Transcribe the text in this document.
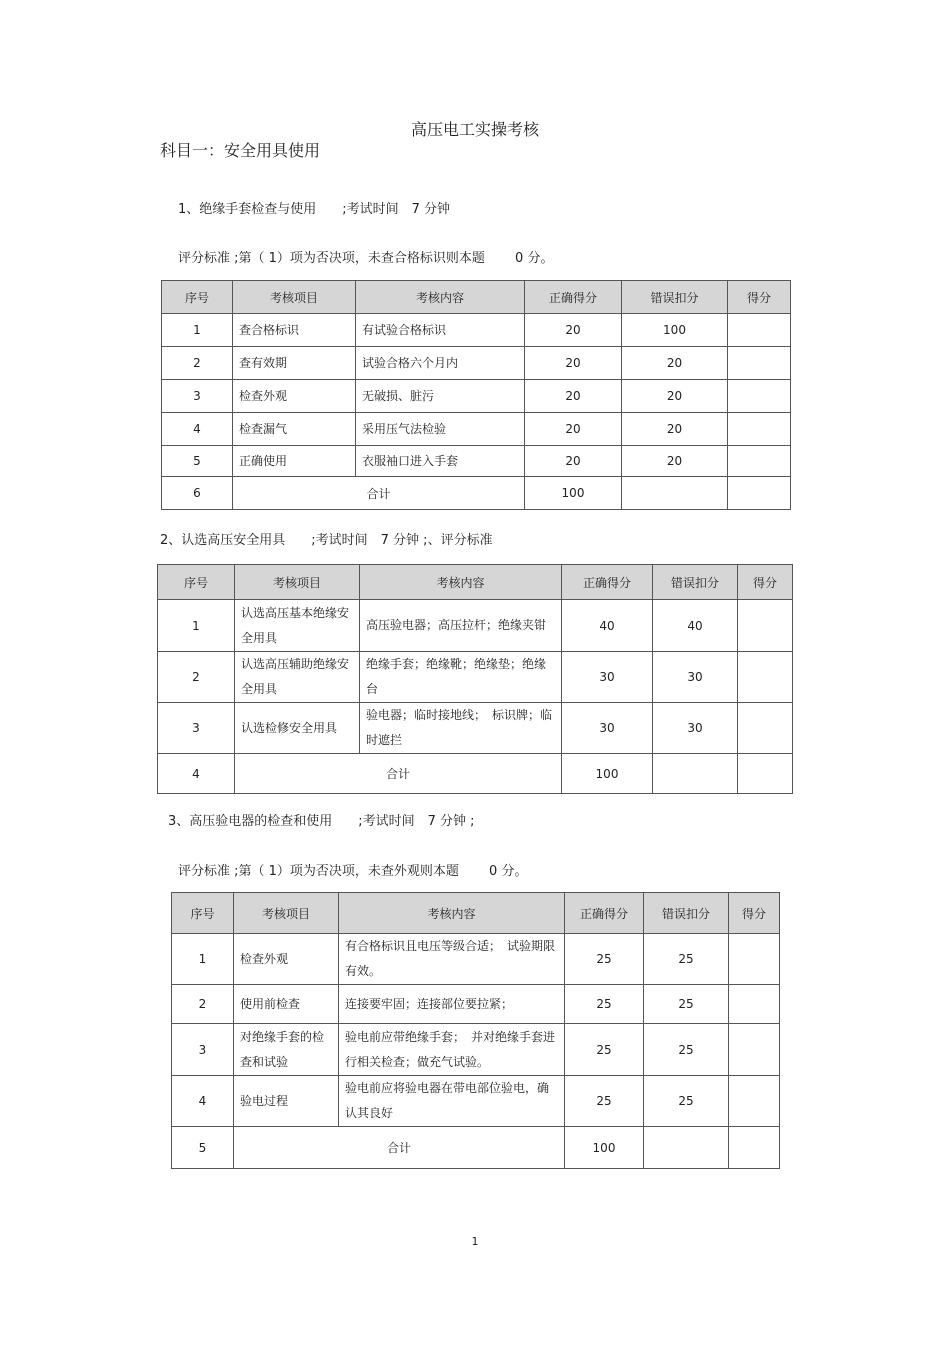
高压电工实操考核
科目一：安全用具使用
1、绝缘手套检查与使用　　;考试时间　7 分钟
评分标准 ;第（ 1）项为否决项，未查合格标识则本题　　 0 分。
序号	考核项目	考核内容	正确得分	错误扣分	得分
1	查合格标识	有试验合格标识	20	100	
2	查有效期	试验合格六个月内	20	20	
3	检查外观	无破损、脏污	20	20	
4	检查漏气	采用压气法检验	20	20	
5	正确使用	衣服袖口进入手套	20	20	
6	合计		100		
2、认选高压安全用具　　;考试时间　7 分钟 ;、评分标准
序号	考核项目	考核内容	正确得分	错误扣分	得分
1	认选高压基本绝缘安全用具	高压验电器；高压拉杆；绝缘夹钳	40	40	
2	认选高压辅助绝缘安全用具	绝缘手套；绝缘靴；绝缘垫；绝缘台	30	30	
3	认选检修安全用具	验电器；临时接地线；　标识牌；临时遮拦	30	30	
4	合计		100		
3、高压验电器的检查和使用　　;考试时间　7 分钟 ;
评分标准 ;第（ 1）项为否决项，未查外观则本题　　 0 分。
序号	考核项目	考核内容	正确得分	错误扣分	得分
1	检查外观	有合格标识且电压等级合适；　试验期限有效。	25	25	
2	使用前检查	连接要牢固；连接部位要拉紧；	25	25	
3	对绝缘手套的检查和试验	验电前应带绝缘手套；　并对绝缘手套进行相关检查；做充气试验。	25	25	
4	验电过程	验电前应将验电器在带电部位验电，确认其良好	25	25	
5	合计		100		
1
